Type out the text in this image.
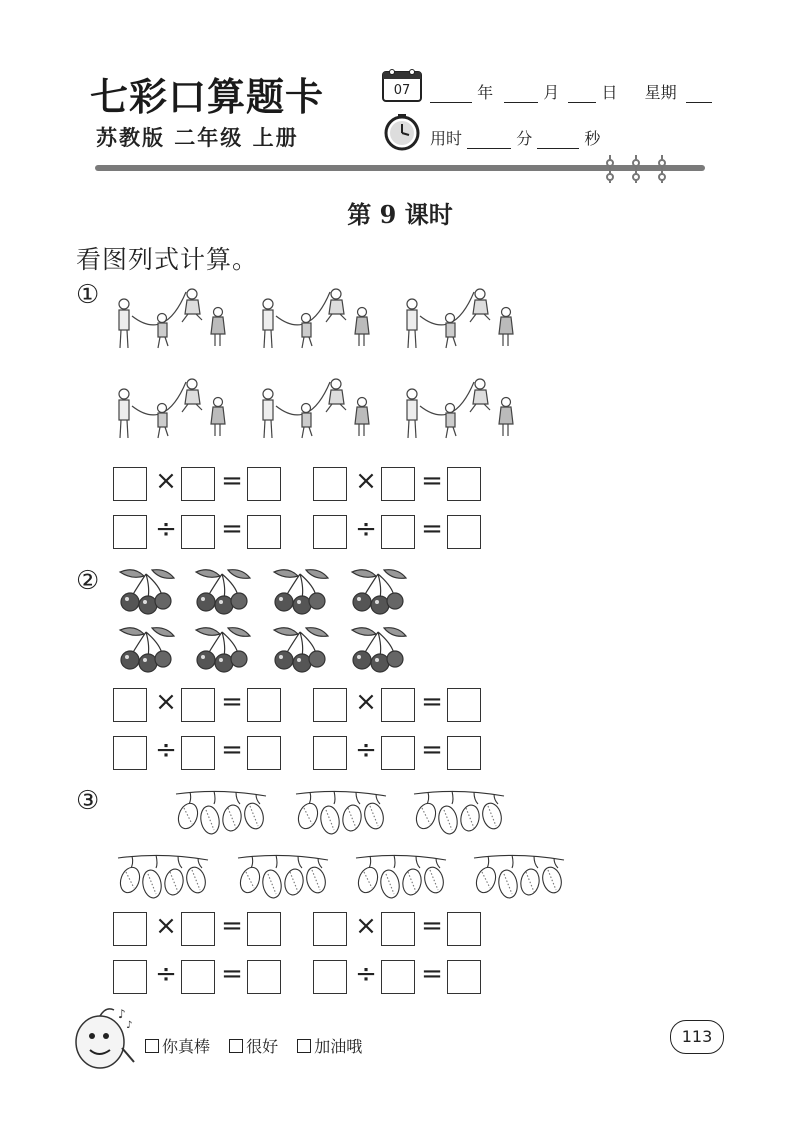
七彩口算题卡
苏教版 二年级 上册
07	年	月	日 星期
用时	分	秒
第 9 课时
看图列式计算。
①
②
③
× =	× =
÷ =	÷ =
× =	× =
÷ =	÷ =
× =	× =
÷ =	÷ =
♪
♪
你真棒 很好 加油哦
113
